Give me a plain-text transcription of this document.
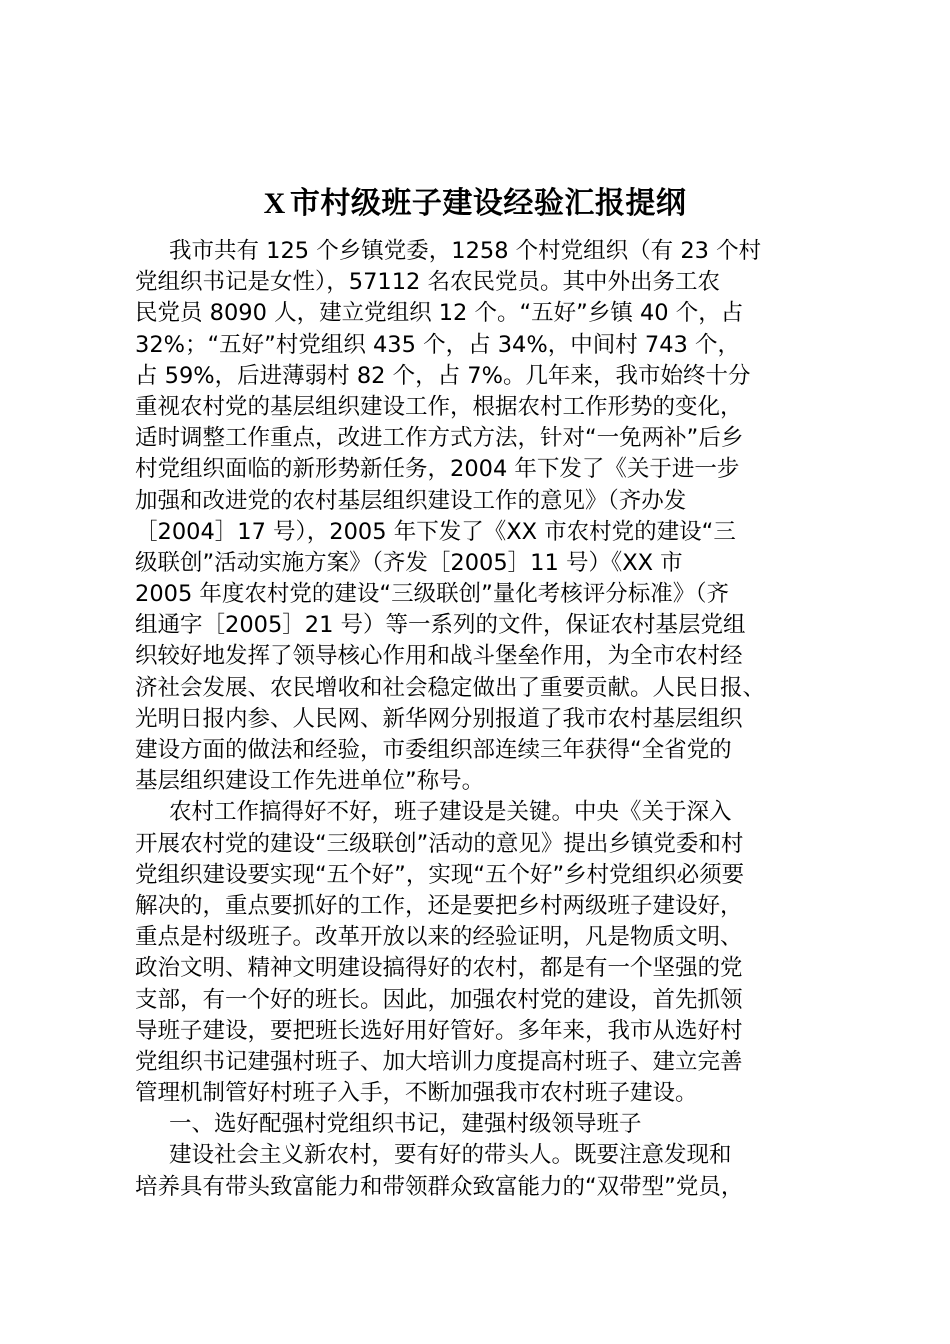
X 市村级班子建设经验汇报提纲
我市共有 125 个乡镇党委，1258 个村党组织（有 23 个村
党组织书记是女性），57112 名农民党员。其中外出务工农
民党员 8090 人，建立党组织 12 个。“五好”乡镇 40 个，占
32%；“五好”村党组织 435 个，占 34%，中间村 743 个，
占 59%，后进薄弱村 82 个，占 7%。几年来，我市始终十分
重视农村党的基层组织建设工作，根据农村工作形势的变化，
适时调整工作重点，改进工作方式方法，针对“一免两补”后乡
村党组织面临的新形势新任务，2004 年下发了《关于进一步
加强和改进党的农村基层组织建设工作的意见》（齐办发
［2004］17 号），2005 年下发了《XX 市农村党的建设“三
级联创”活动实施方案》（齐发［2005］11 号）《XX 市
2005 年度农村党的建设“三级联创”量化考核评分标准》（齐
组通字［2005］21 号）等一系列的文件，保证农村基层党组
织较好地发挥了领导核心作用和战斗堡垒作用，为全市农村经
济社会发展、农民增收和社会稳定做出了重要贡献。人民日报、
光明日报内参、人民网、新华网分别报道了我市农村基层组织
建设方面的做法和经验，市委组织部连续三年获得“全省党的
基层组织建设工作先进单位”称号。
农村工作搞得好不好，班子建设是关键。中央《关于深入
开展农村党的建设“三级联创”活动的意见》提出乡镇党委和村
党组织建设要实现“五个好”，实现“五个好”乡村党组织必须要
解决的，重点要抓好的工作，还是要把乡村两级班子建设好，
重点是村级班子。改革开放以来的经验证明，凡是物质文明、
政治文明、精神文明建设搞得好的农村，都是有一个坚强的党
支部，有一个好的班长。因此，加强农村党的建设，首先抓领
导班子建设，要把班长选好用好管好。多年来，我市从选好村
党组织书记建强村班子、加大培训力度提高村班子、建立完善
管理机制管好村班子入手，不断加强我市农村班子建设。
一、选好配强村党组织书记，建强村级领导班子
建设社会主义新农村，要有好的带头人。既要注意发现和
培养具有带头致富能力和带领群众致富能力的“双带型”党员，
